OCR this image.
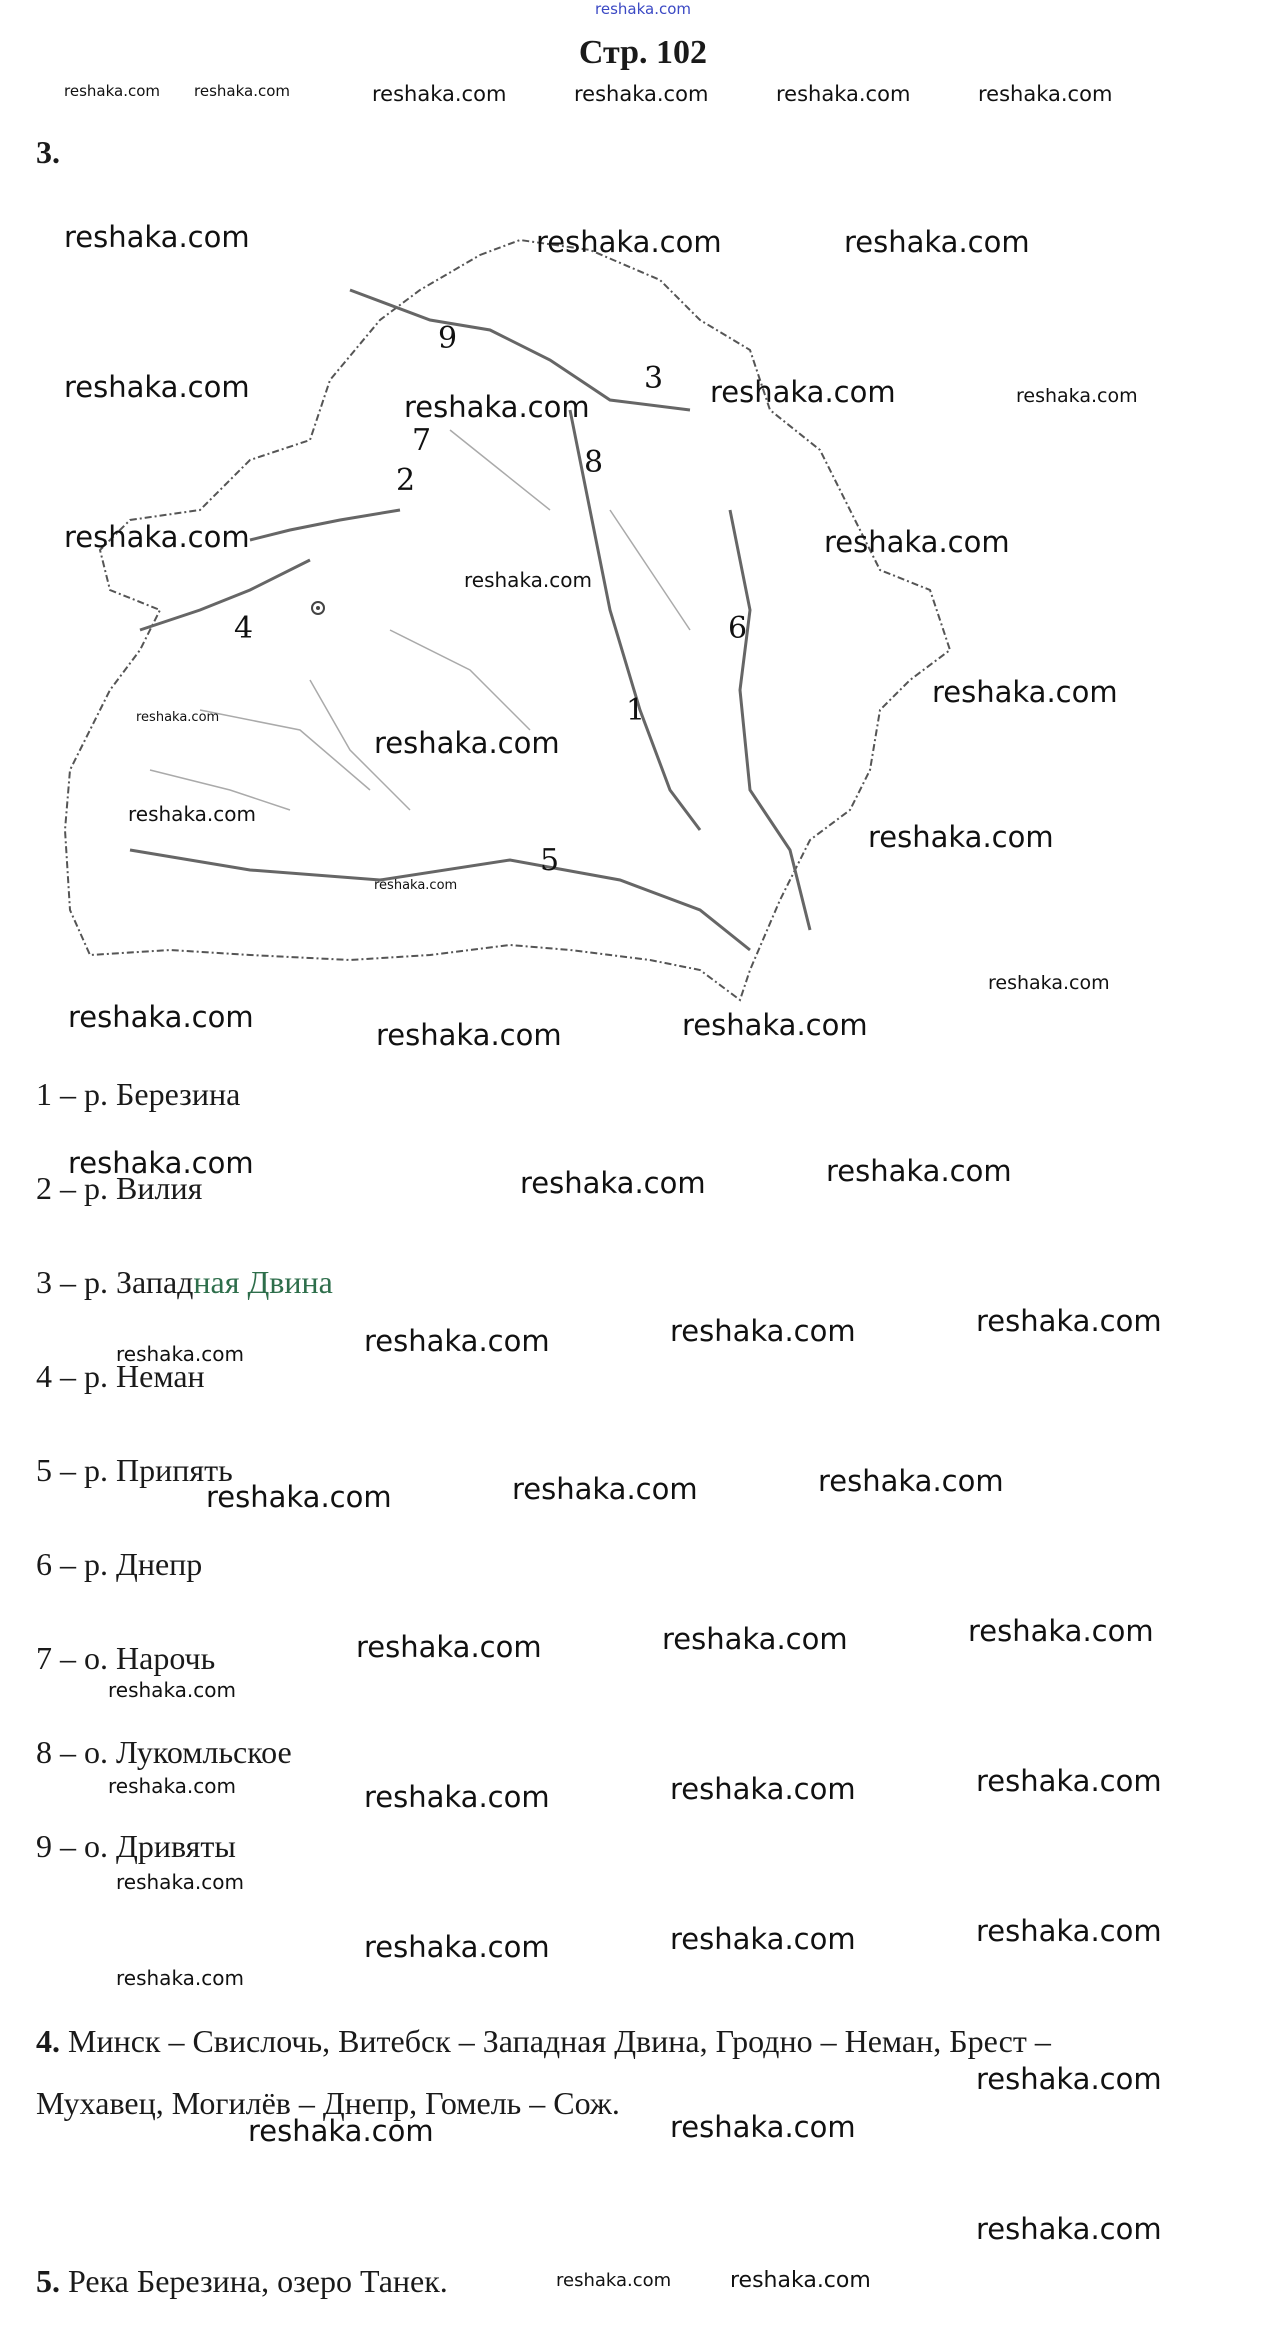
reshaka.com
Стр. 102
reshaka.com reshaka.com	reshaka.com	reshaka.com	reshaka.com	reshaka.com
3.
1
2
3
4
5
6
7
8
9
reshaka.com	reshaka.com	reshaka.com
reshaka.com
reshaka.com	reshaka.com	reshaka.com
reshaka.com	reshaka.com
reshaka.com
reshaka.com
reshaka.com
reshaka.com
reshaka.com
reshaka.com
reshaka.com
reshaka.com
reshaka.com
reshaka.com	reshaka.com
1 – р. Березина
2 – р. Вилия
3 – р. Западная Двина
4 – р. Неман
5 – р. Припять
6 – р. Днепр
7 – о. Нарочь
8 – о. Лукомльское
9 – о. Дривяты
reshaka.com
reshaka.com	reshaka.com
reshaka.com	reshaka.com	reshaka.com
reshaka.com
reshaka.com	reshaka.com	reshaka.com
reshaka.com	reshaka.com	reshaka.com
reshaka.com
reshaka.com	reshaka.com	reshaka.com
reshaka.com
reshaka.com
reshaka.com	reshaka.com	reshaka.com
reshaka.com
4. Минск – Свислочь, Витебск – Западная Двина, Гродно – Неман, Брест –
Мухавец, Могилёв – Днепр, Гомель – Сож.
reshaka.com
reshaka.com	reshaka.com
reshaka.com
5. Река Березина, озеро Танек.	reshaka.com	reshaka.com
